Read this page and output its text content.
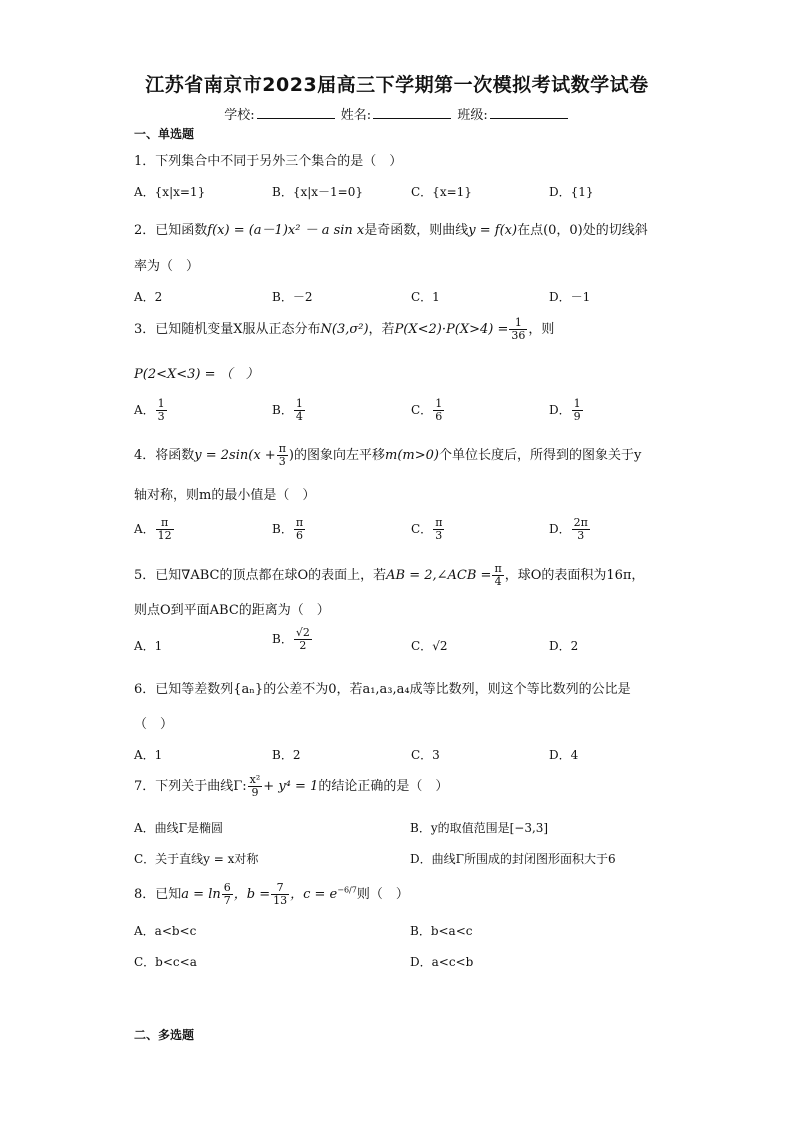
江苏省南京市2023届高三下学期第一次模拟考试数学试卷
学校:	姓名:	班级:
一、单选题
1．下列集合中不同于另外三个集合的是（　）
A．{x|x=1}	B．{x|x－1=0}	C．{x=1}	D．{1}
2．已知函数f(x) = (a－1)x² － a sin x是奇函数，则曲线y = f(x)在点(0，0)处的切线斜
率为（　）
A．2	B．－2	C．1	D．－1
3．已知随机变量X服从正态分布N(3,σ²)，若$P(X<2)\cdot P(X>4) = \frac{1}{36}$ ，则
P(2<X<3) = （　）
A． $\frac{1}{3}$	B． $\frac{1}{4}$	C． $\frac{1}{6}$	D． $\frac{1}{9}$
4．将函数$y = 2\sin(x + \frac{\pi}{3}$ )的图象向左平移m(m>0)个单位长度后，所得到的图象关于y
轴对称，则m的最小值是（　）
A． $\frac{\pi}{12}$	B． $\frac{\pi}{6}$	C． $\frac{\pi}{3}$	D． $\frac{2\pi}{3}$
5．已知∇ABC的顶点都在球O的表面上，若AB = 2,∠ACB = $\frac{\pi}{4}$ ，球O的表面积为16π，
则点O到平面ABC的距离为（　）
A．1	B． $\frac{√2}{2}$	C．√2	D．2
6．已知等差数列{aₙ}的公差不为0，若a₁,a₃,a₄成等比数列，则这个等比数列的公比是
（　）
A．1	B．2	C．3	D．4
7．下列关于曲线Γ: $\frac{\text{x²}}{9} + y^4 = 1$的结论正确的是（　）
A．曲线Γ是椭圆	B．y的取值范围是[−3,3]
C．关于直线y = x对称	D．曲线Γ所围成的封闭图形面积大于6
8．已知$a = \ln \frac{6}{7}$ ，$b = \frac{7}{13}$ ，$c = e^{-6/7}$则（　）
A．a<b<c	B．b<a<c
C．b<c<a	D．a<c<b
二、多选题
